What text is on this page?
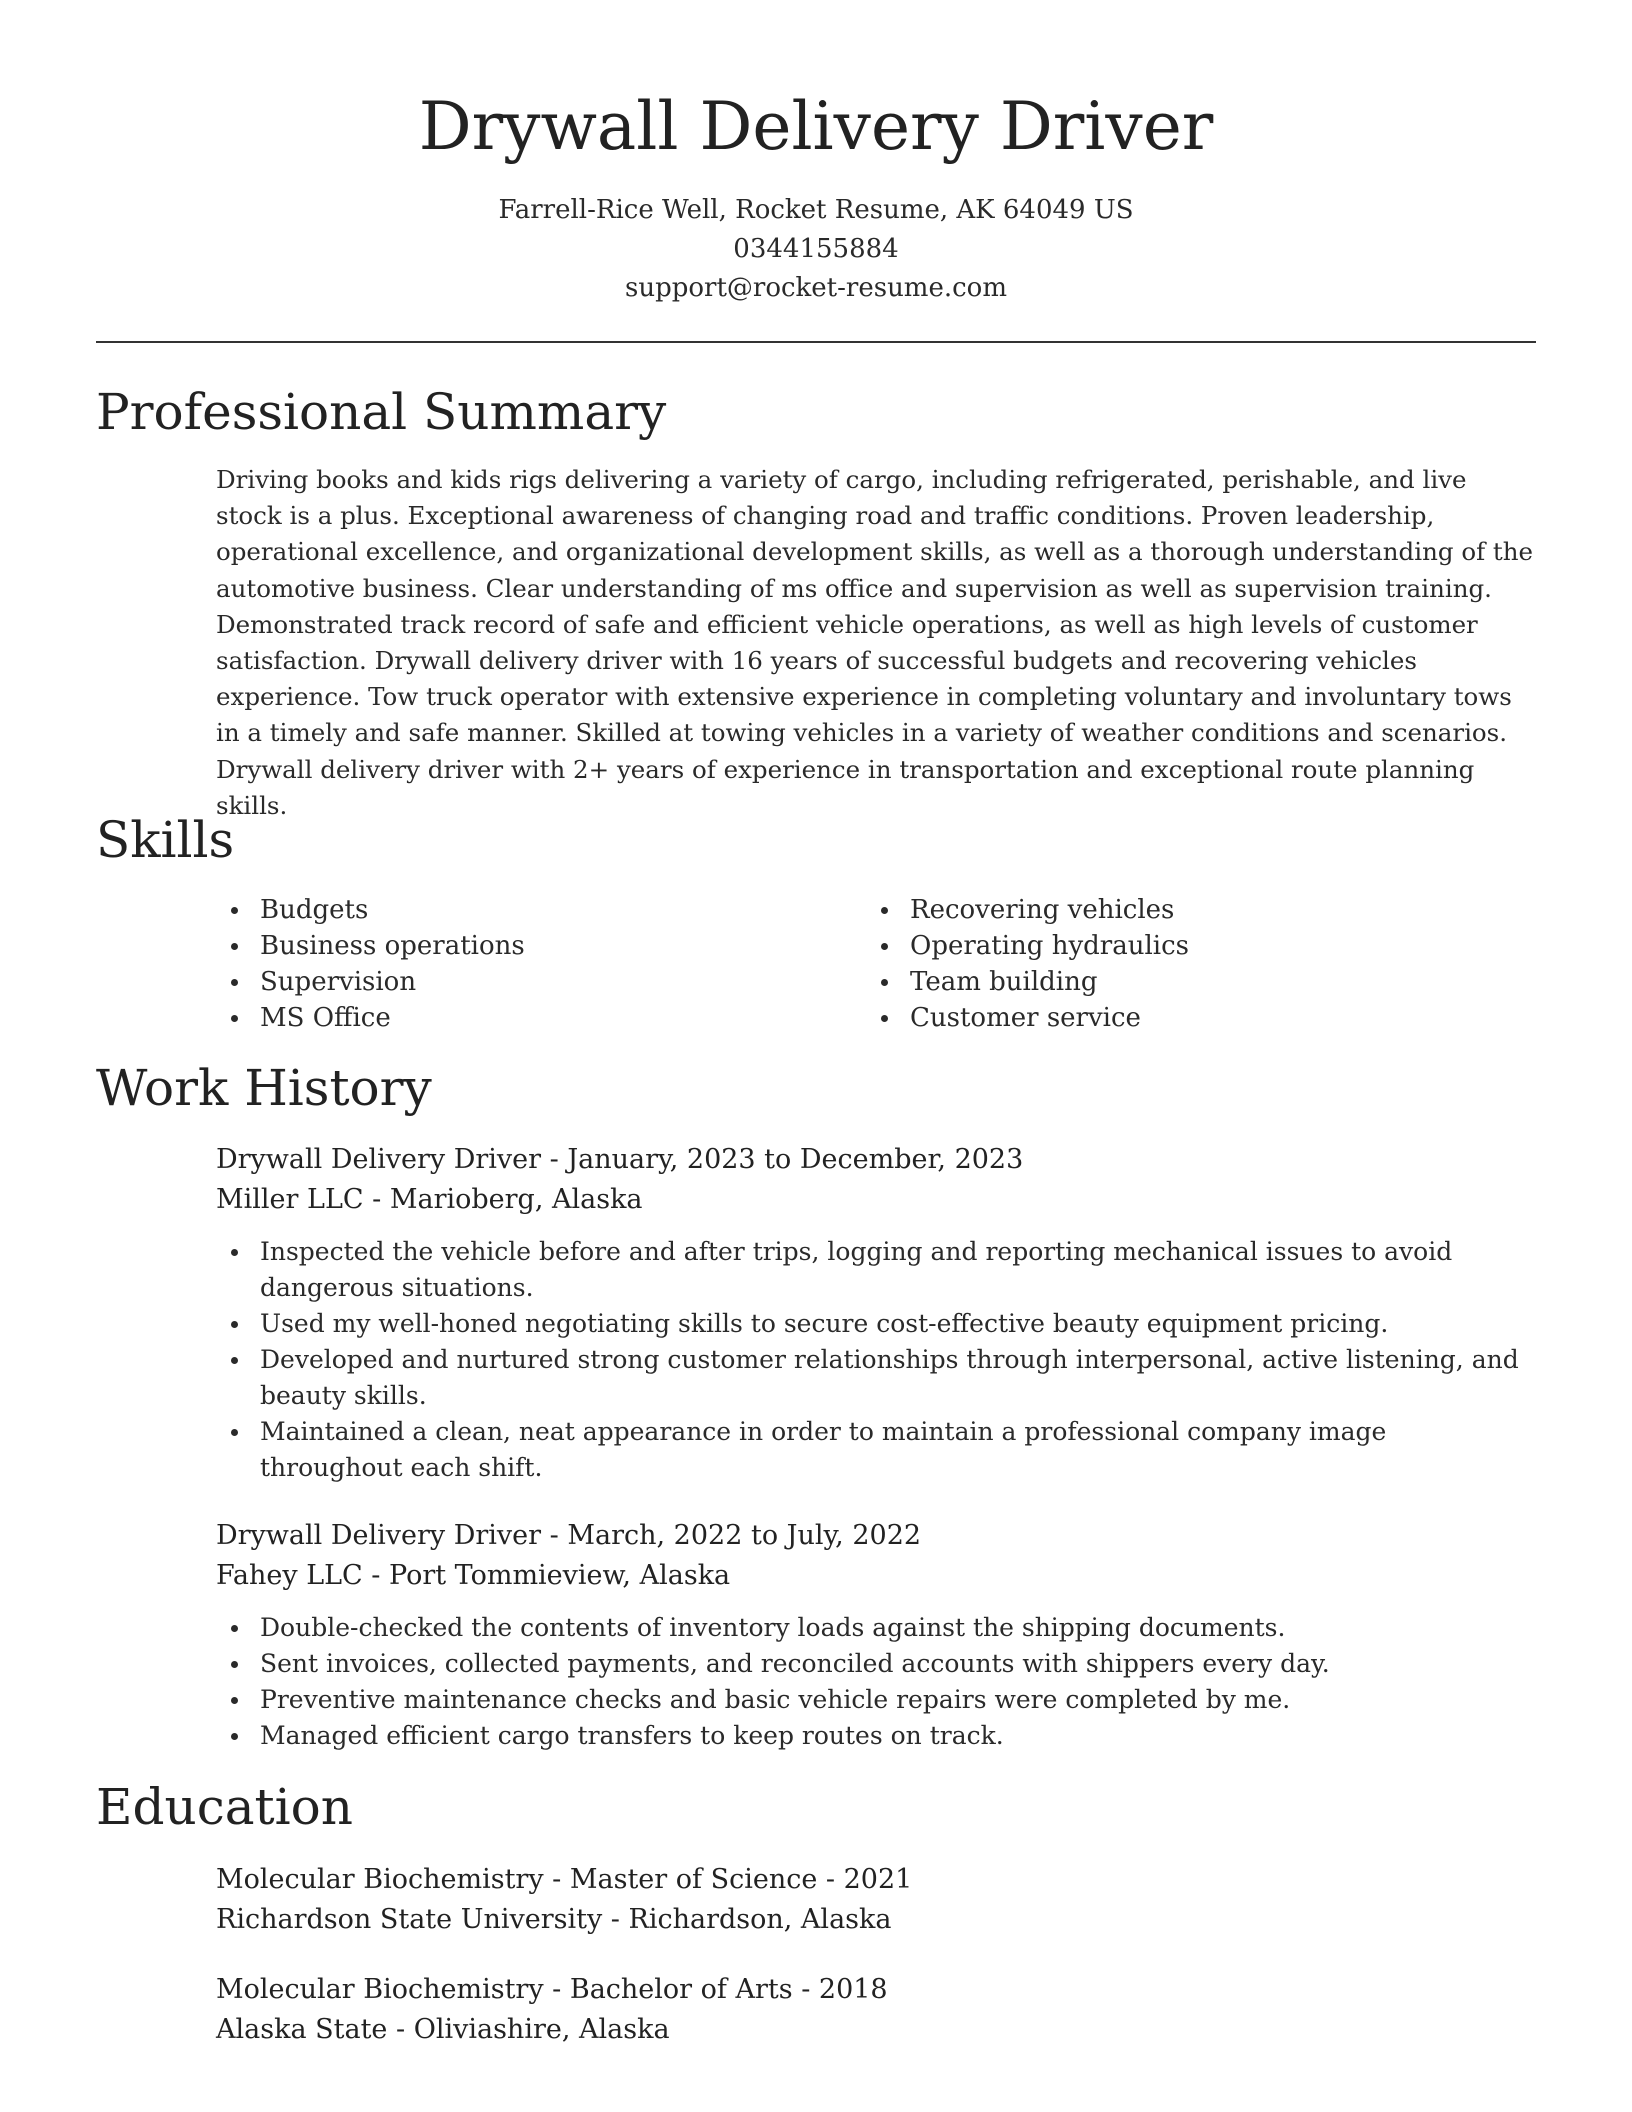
Drywall Delivery Driver
Farrell-Rice Well, Rocket Resume, AK 64049 US
0344155884
support@rocket-resume.com
Professional Summary

Driving books and kids rigs delivering a variety of cargo, including refrigerated, perishable, and live stock is a plus. Exceptional awareness of changing road and traffic conditions. Proven leadership, operational excellence, and organizational development skills, as well as a thorough understanding of the automotive business. Clear understanding of ms office and supervision as well as supervision training. Demonstrated track record of safe and efficient vehicle operations, as well as high levels of customer satisfaction. Drywall delivery driver with 16 years of successful budgets and recovering vehicles experience. Tow truck operator with extensive experience in completing voluntary and involuntary tows in a timely and safe manner. Skilled at towing vehicles in a variety of weather conditions and scenarios. Drywall delivery driver with 2+ years of experience in transportation and exceptional route planning skills.

Skills
Budgets
Business operations
Supervision
MS Office
Recovering vehicles
Operating hydraulics
Team building
Customer service
Work History
Drywall Delivery Driver - January, 2023 to December, 2023
Miller LLC - Marioberg, Alaska
Inspected the vehicle before and after trips, logging and reporting mechanical issues to avoid dangerous situations.
Used my well-honed negotiating skills to secure cost-effective beauty equipment pricing.
Developed and nurtured strong customer relationships through interpersonal, active listening, and beauty skills.
Maintained a clean, neat appearance in order to maintain a professional company image throughout each shift.
Drywall Delivery Driver - March, 2022 to July, 2022
Fahey LLC - Port Tommieview, Alaska
Double-checked the contents of inventory loads against the shipping documents.
Sent invoices, collected payments, and reconciled accounts with shippers every day.
Preventive maintenance checks and basic vehicle repairs were completed by me.
Managed efficient cargo transfers to keep routes on track.
Education
Molecular Biochemistry - Master of Science - 2021
Richardson State University - Richardson, Alaska
Molecular Biochemistry - Bachelor of Arts - 2018
Alaska State - Oliviashire, Alaska
